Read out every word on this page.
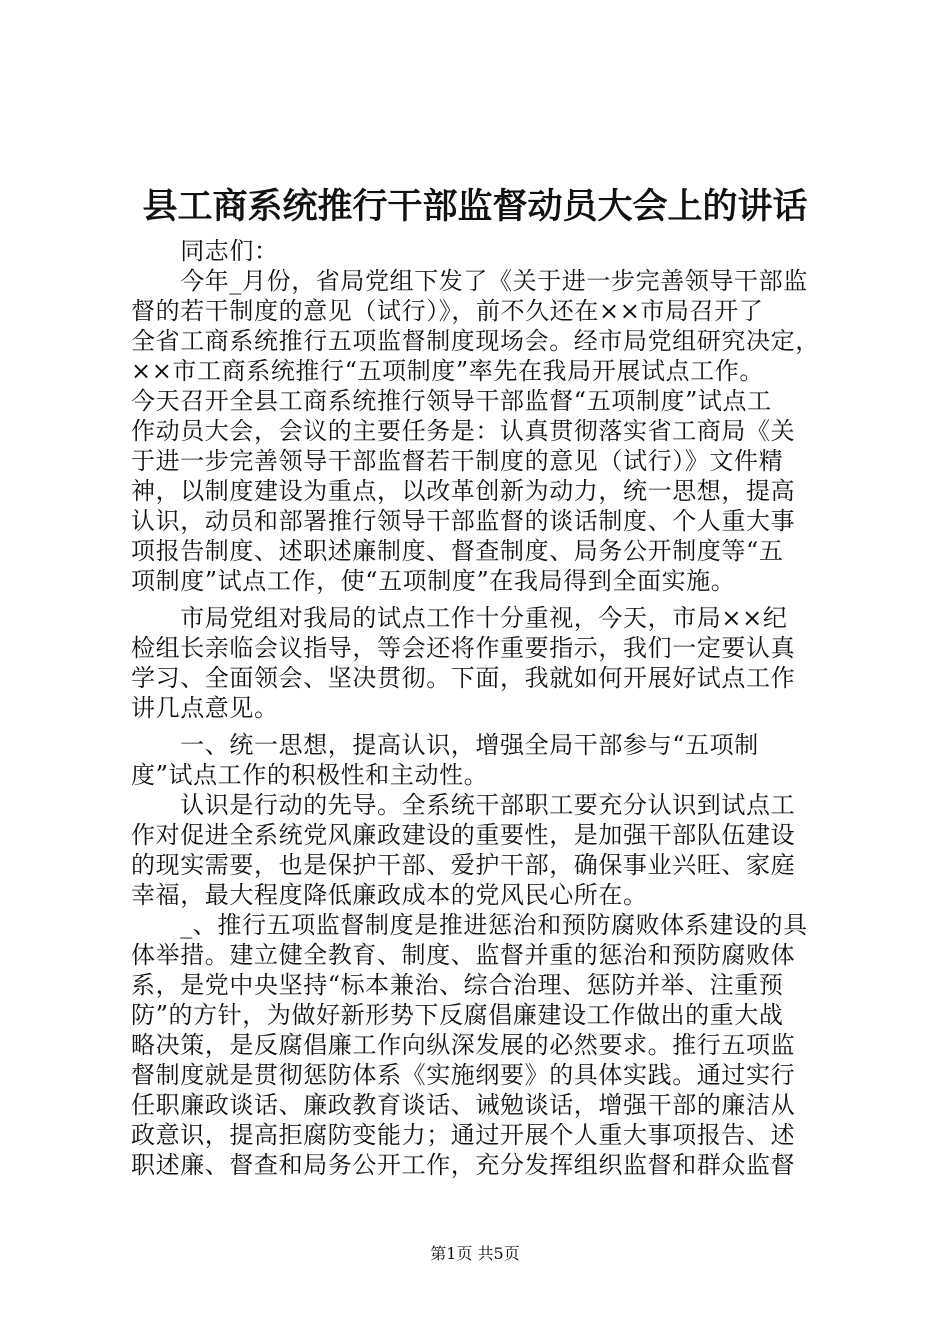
县工商系统推行干部监督动员大会上的讲话
　　同志们：
　　今年_月份，省局党组下发了《关于进一步完善领导干部监
督的若干制度的意见（试行）》，前不久还在××市局召开了
全省工商系统推行五项监督制度现场会。经市局党组研究决定，
××市工商系统推行“五项制度”率先在我局开展试点工作。
今天召开全县工商系统推行领导干部监督“五项制度”试点工
作动员大会，会议的主要任务是：认真贯彻落实省工商局《关
于进一步完善领导干部监督若干制度的意见（试行）》文件精
神，以制度建设为重点，以改革创新为动力，统一思想，提高
认识，动员和部署推行领导干部监督的谈话制度、个人重大事
项报告制度、述职述廉制度、督查制度、局务公开制度等“五
项制度”试点工作，使“五项制度”在我局得到全面实施。
　　市局党组对我局的试点工作十分重视，今天，市局××纪
检组长亲临会议指导，等会还将作重要指示，我们一定要认真
学习、全面领会、坚决贯彻。下面，我就如何开展好试点工作
讲几点意见。
　　一、统一思想，提高认识，增强全局干部参与“五项制
度”试点工作的积极性和主动性。
　　认识是行动的先导。全系统干部职工要充分认识到试点工
作对促进全系统党风廉政建设的重要性，是加强干部队伍建设
的现实需要，也是保护干部、爱护干部，确保事业兴旺、家庭
幸福，最大程度降低廉政成本的党风民心所在。
　　_、推行五项监督制度是推进惩治和预防腐败体系建设的具
体举措。建立健全教育、制度、监督并重的惩治和预防腐败体
系，是党中央坚持“标本兼治、综合治理、惩防并举、注重预
防”的方针，为做好新形势下反腐倡廉建设工作做出的重大战
略决策，是反腐倡廉工作向纵深发展的必然要求。推行五项监
督制度就是贯彻惩防体系《实施纲要》的具体实践。通过实行
任职廉政谈话、廉政教育谈话、诫勉谈话，增强干部的廉洁从
政意识，提高拒腐防变能力；通过开展个人重大事项报告、述
职述廉、督查和局务公开工作，充分发挥组织监督和群众监督
第1页 共5页
